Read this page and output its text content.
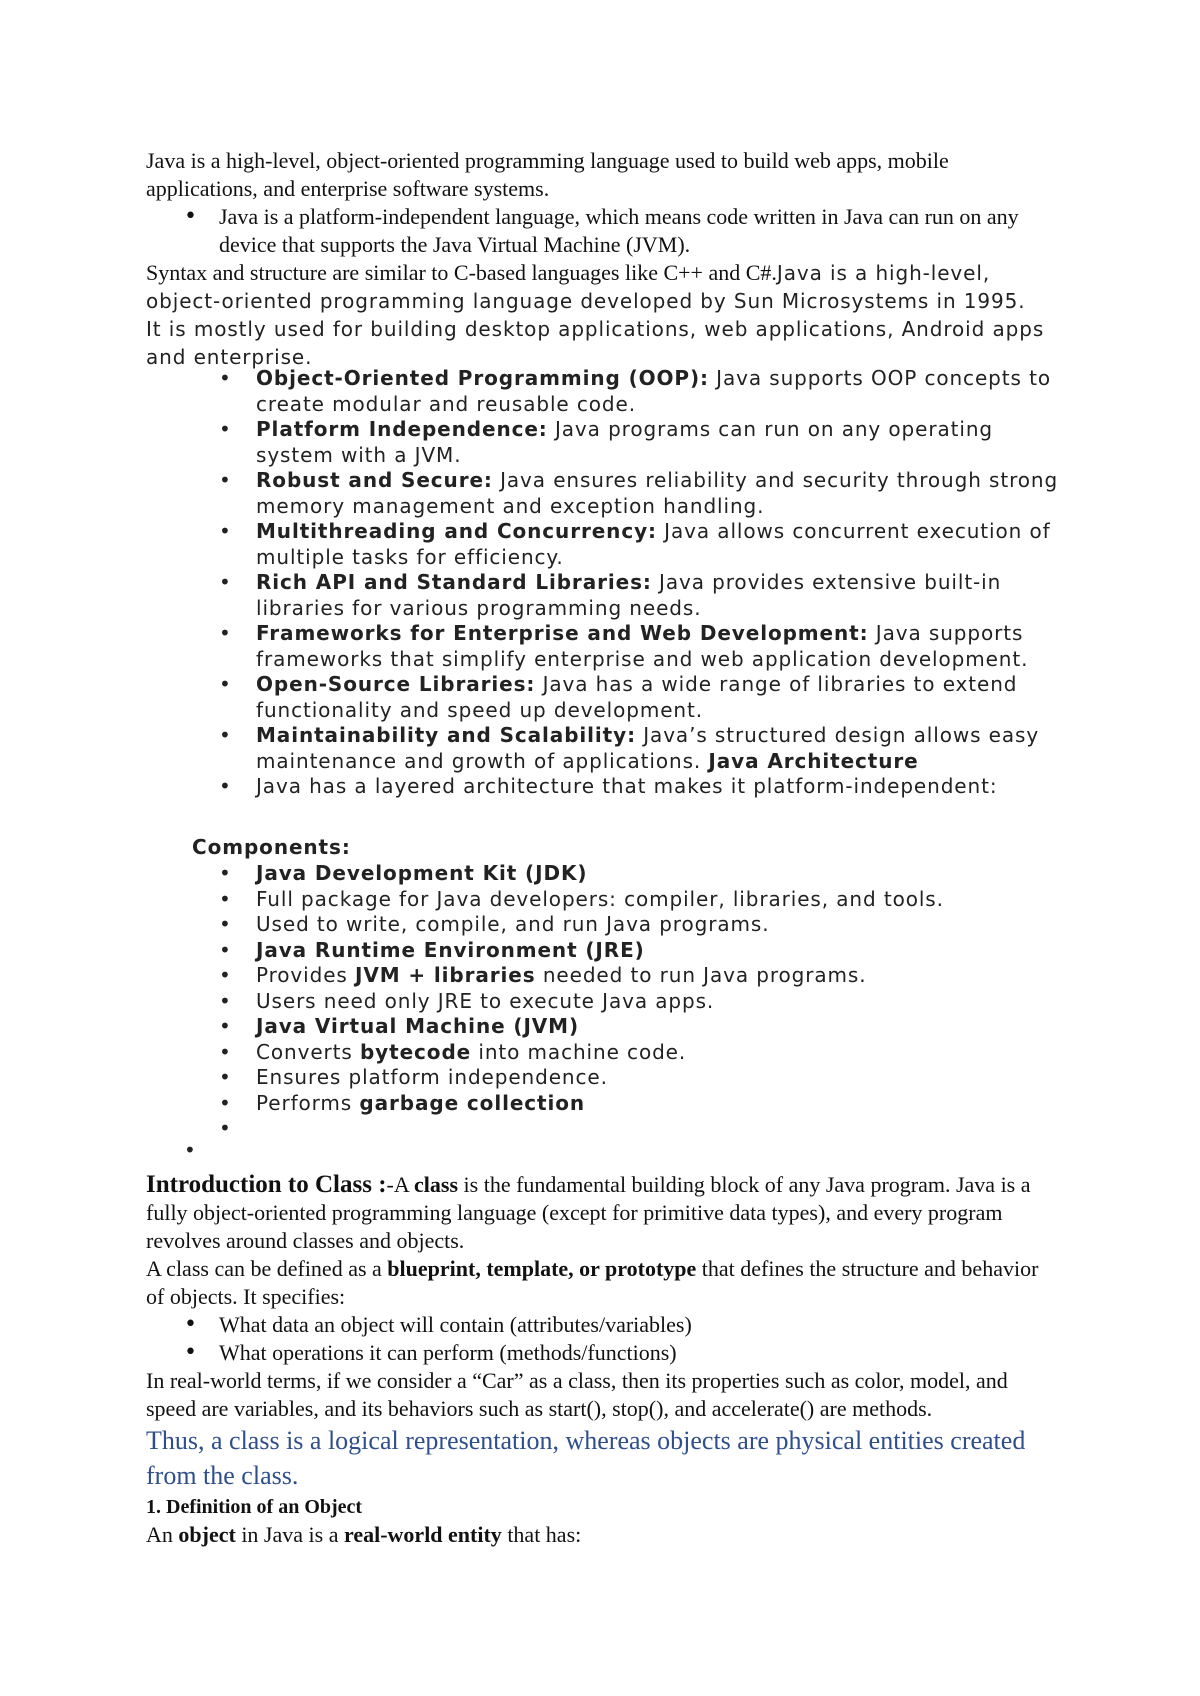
Java is a high-level, object-oriented programming language used to build web apps, mobile applications, and enterprise software systems.

• Java is a platform-independent language, which means code written in Java can run on any device that supports the Java Virtual Machine (JVM).

Syntax and structure are similar to C-based languages like C++ and C#.Java is a high-level, object-oriented programming language developed by Sun Microsystems in 1995. It is mostly used for building desktop applications, web applications, Android apps and enterprise.

• Object-Oriented Programming (OOP): Java supports OOP concepts to create modular and reusable code.
• Platform Independence: Java programs can run on any operating system with a JVM.
• Robust and Secure: Java ensures reliability and security through strong memory management and exception handling.
• Multithreading and Concurrency: Java allows concurrent execution of multiple tasks for efficiency.
• Rich API and Standard Libraries: Java provides extensive built-in libraries for various programming needs.
• Frameworks for Enterprise and Web Development: Java supports frameworks that simplify enterprise and web application development.
• Open-Source Libraries: Java has a wide range of libraries to extend functionality and speed up development.
• Maintainability and Scalability: Java’s structured design allows easy maintenance and growth of applications. Java Architecture
• Java has a layered architecture that makes it platform-independent:
Components:
• Java Development Kit (JDK)
• Full package for Java developers: compiler, libraries, and tools.
• Used to write, compile, and run Java programs.
• Java Runtime Environment (JRE)
• Provides JVM + libraries needed to run Java programs.
• Users need only JRE to execute Java apps.
• Java Virtual Machine (JVM)
• Converts bytecode into machine code.
• Ensures platform independence.
• Performs garbage collection
•
•

Introduction to Class :-A class is the fundamental building block of any Java program. Java is a fully object-oriented programming language (except for primitive data types), and every program revolves around classes and objects.

A class can be defined as a blueprint, template, or prototype that defines the structure and behavior of objects. It specifies:

• What data an object will contain (attributes/variables)
• What operations it can perform (methods/functions)

In real-world terms, if we consider a “Car” as a class, then its properties such as color, model, and speed are variables, and its behaviors such as start(), stop(), and accelerate() are methods.

Thus, a class is a logical representation, whereas objects are physical entities created from the class.

1. Definition of an Object

An object in Java is a real-world entity that has:
